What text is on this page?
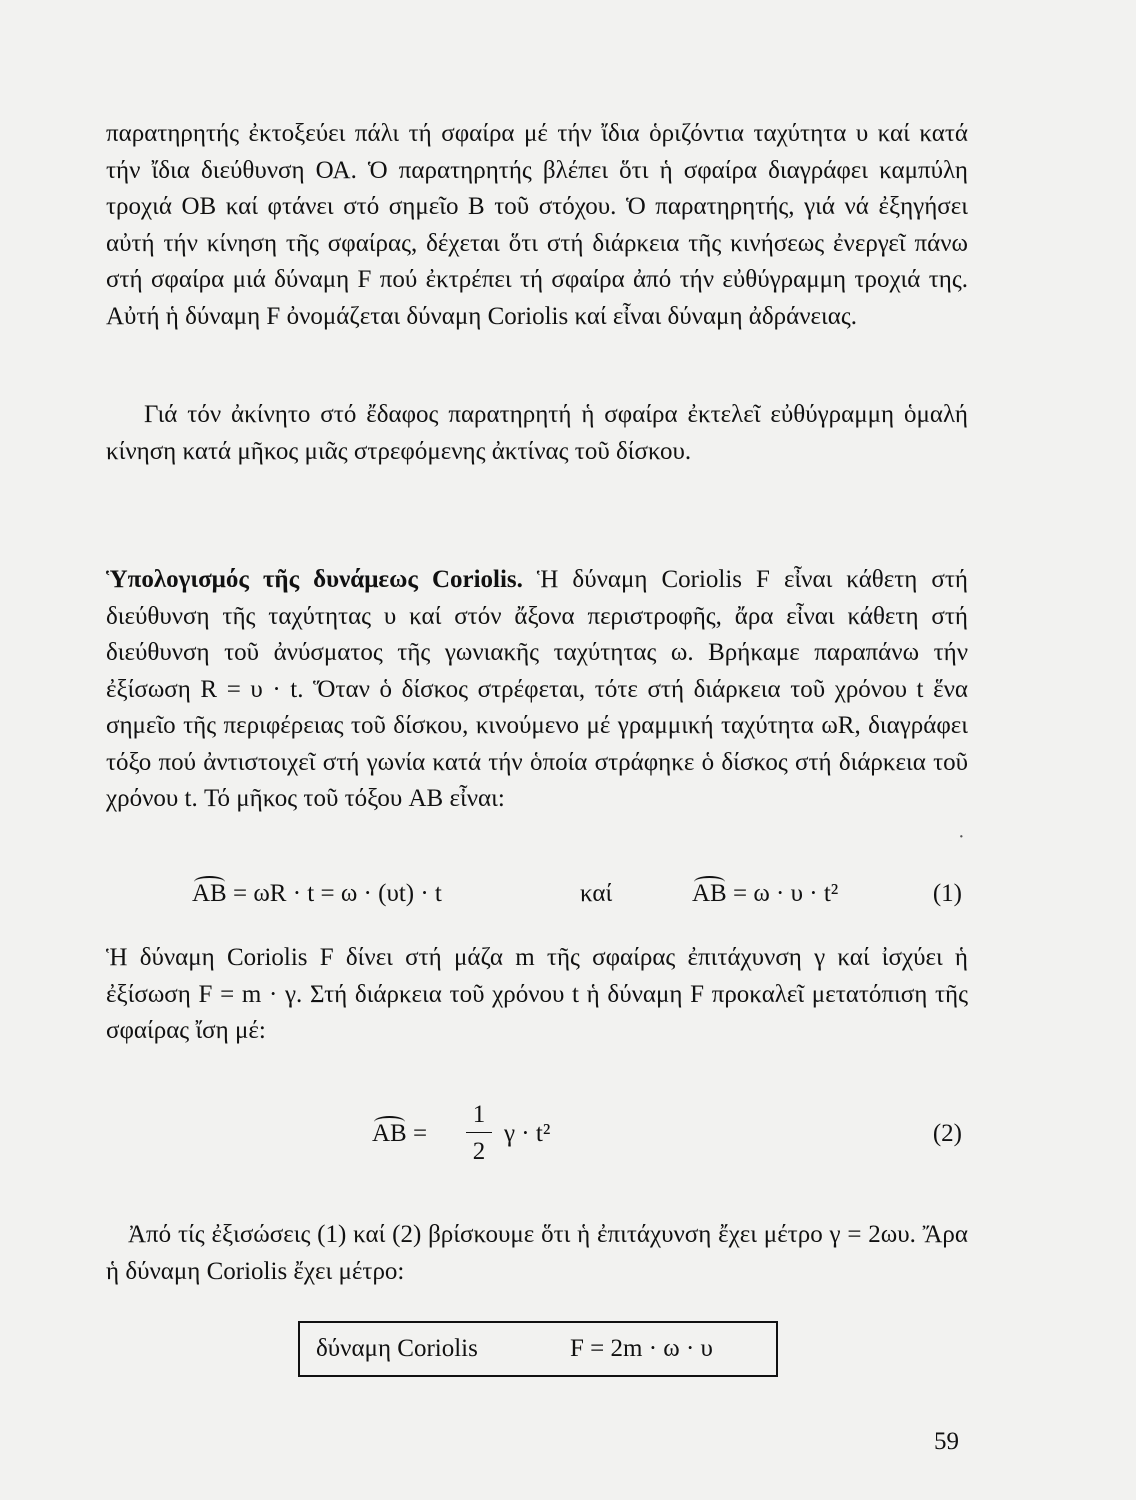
παρατηρητής ἐκτοξεύει πάλι τή σφαίρα μέ τήν ἴδια ὁριζόντια ταχύτητα υ καί κατά τήν ἴδια διεύθυνση ΟΑ. Ὁ παρατηρητής βλέπει ὅτι ἡ σφαίρα διαγράφει καμπύλη τροχιά ΟΒ καί φτάνει στό σημεῖο Β τοῦ στόχου. Ὁ παρατηρητής, γιά νά ἐξηγήσει αὐτή τήν κίνηση τῆς σφαίρας, δέχεται ὅτι στή διάρκεια τῆς κινήσεως ἐνεργεῖ πάνω στή σφαίρα μιά δύναμη F πού ἐκτρέπει τή σφαίρα ἀπό τήν εὐθύγραμμη τροχιά της. Αὐτή ἡ δύναμη F ὀνομάζεται δύναμη Coriolis καί εἶναι δύναμη ἀδράνειας.

Γιά τόν ἀκίνητο στό ἔδαφος παρατηρητή ἡ σφαίρα ἐκτελεῖ εὐθύγραμμη ὁμαλή κίνηση κατά μῆκος μιᾶς στρεφόμενης ἀκτίνας τοῦ δίσκου.

Ὑπολογισμός τῆς δυνάμεως Coriolis. Ἡ δύναμη Coriolis F εἶναι κάθετη στή διεύθυνση τῆς ταχύτητας υ καί στόν ἄξονα περιστροφῆς, ἄρα εἶναι κάθετη στή διεύθυνση τοῦ ἀνύσματος τῆς γωνιακῆς ταχύτητας ω. Βρήκαμε παραπάνω τήν ἐξίσωση R = υ · t. Ὅταν ὁ δίσκος στρέφεται, τότε στή διάρκεια τοῦ χρόνου t ἕνα σημεῖο τῆς περιφέρειας τοῦ δίσκου, κινούμενο μέ γραμμική ταχύτητα ωR, διαγράφει τόξο πού ἀντιστοιχεῖ στή γωνία κατά τήν ὁποία στράφηκε ὁ δίσκος στή διάρκεια τοῦ χρόνου t. Τό μῆκος τοῦ τόξου AB εἶναι:

AB = ωR · t = ω · (υt) · t	καί	AB = ω · υ · t²	(1)

Ἡ δύναμη Coriolis F δίνει στή μάζα m τῆς σφαίρας ἐπιτάχυνση γ καί ἰσχύει ἡ ἐξίσωση F = m · γ. Στή διάρκεια τοῦ χρόνου t ἡ δύναμη F προκαλεῖ μετατόπιση τῆς σφαίρας ἴση μέ:

AB =
1
2
γ · t²	(2)

Ἀπό τίς ἐξισώσεις (1) καί (2) βρίσκουμε ὅτι ἡ ἐπιτάχυνση ἔχει μέτρο γ = 2ωυ. Ἄρα ἡ δύναμη Coriolis ἔχει μέτρο:

δύναμη Coriolis	F = 2m · ω · υ
·
59
